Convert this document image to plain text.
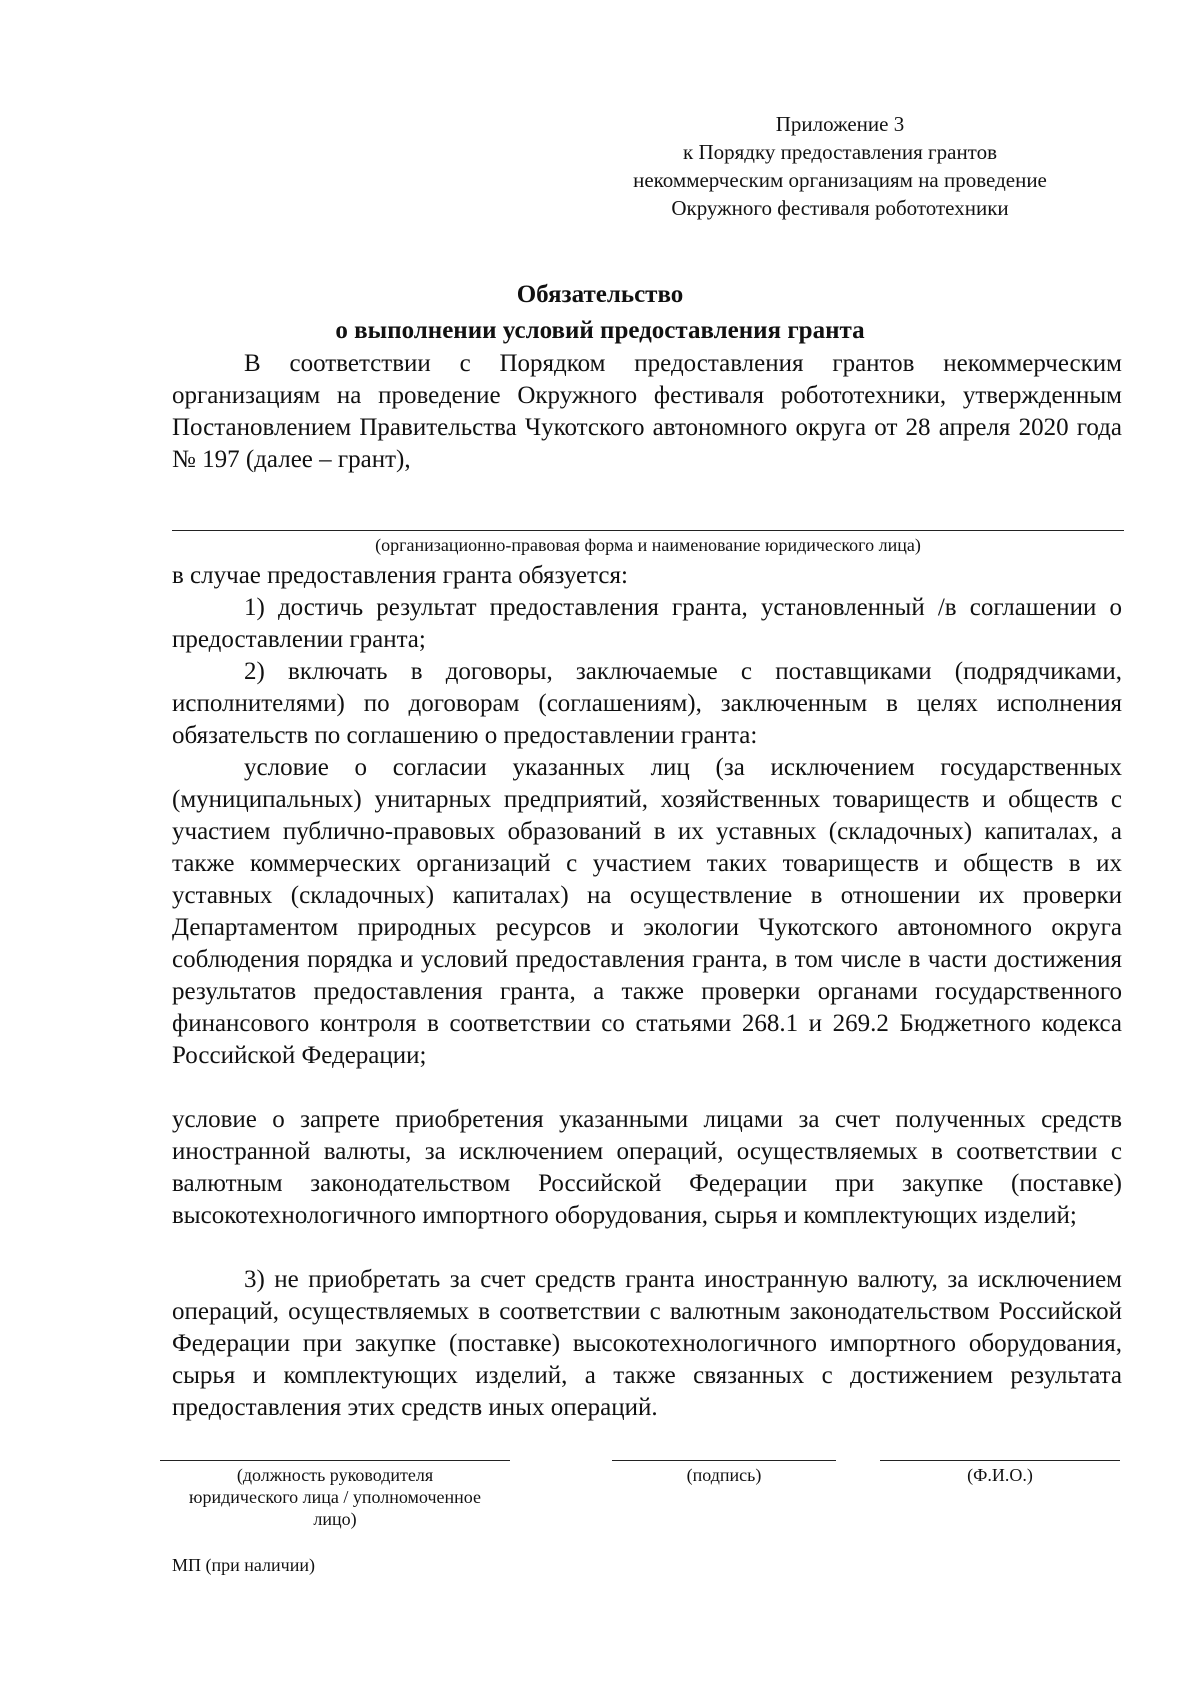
Приложение 3
к Порядку предоставления грантов
некоммерческим организациям на проведение
Окружного фестиваля робототехники
Обязательство
о выполнении условий предоставления гранта
В соответствии с Порядком предоставления грантов некоммерческим организациям на проведение Окружного фестиваля робототехники, утвержденным Постановлением Правительства Чукотского автономного округа от 28 апреля 2020 года № 197 (далее – грант),
(организационно-правовая форма и наименование юридического лица)
в случае предоставления гранта обязуется:
1) достичь результат предоставления гранта, установленный /в соглашении о предоставлении гранта;
2) включать в договоры, заключаемые с поставщиками (подрядчиками, исполнителями) по договорам (соглашениям), заключенным в целях исполнения обязательств по соглашению о предоставлении гранта:
условие о согласии указанных лиц (за исключением государственных (муниципальных) унитарных предприятий, хозяйственных товариществ и обществ с участием публично-правовых образований в их уставных (складочных) капиталах, а также коммерческих организаций с участием таких товариществ и обществ в их уставных (складочных) капиталах) на осуществление в отношении их проверки Департаментом природных ресурсов и экологии Чукотского автономного округа соблюдения порядка и условий предоставления гранта, в том числе в части достижения результатов предоставления гранта, а также проверки органами государственного финансового контроля в соответствии со статьями 268.1 и 269.2 Бюджетного кодекса Российской Федерации;
условие о запрете приобретения указанными лицами за счет полученных средств иностранной валюты, за исключением операций, осуществляемых в соответствии с валютным законодательством Российской Федерации при закупке (поставке) высокотехнологичного импортного оборудования, сырья и комплектующих изделий;
3) не приобретать за счет средств гранта иностранную валюту, за исключением операций, осуществляемых в соответствии с валютным законодательством Российской Федерации при закупке (поставке) высокотехнологичного импортного оборудования, сырья и комплектующих изделий, а также связанных с достижением результата предоставления этих средств иных операций.
(должность руководителя
юридического лица / уполномоченное
лицо)
(подпись)	(Ф.И.О.)
МП (при наличии)
